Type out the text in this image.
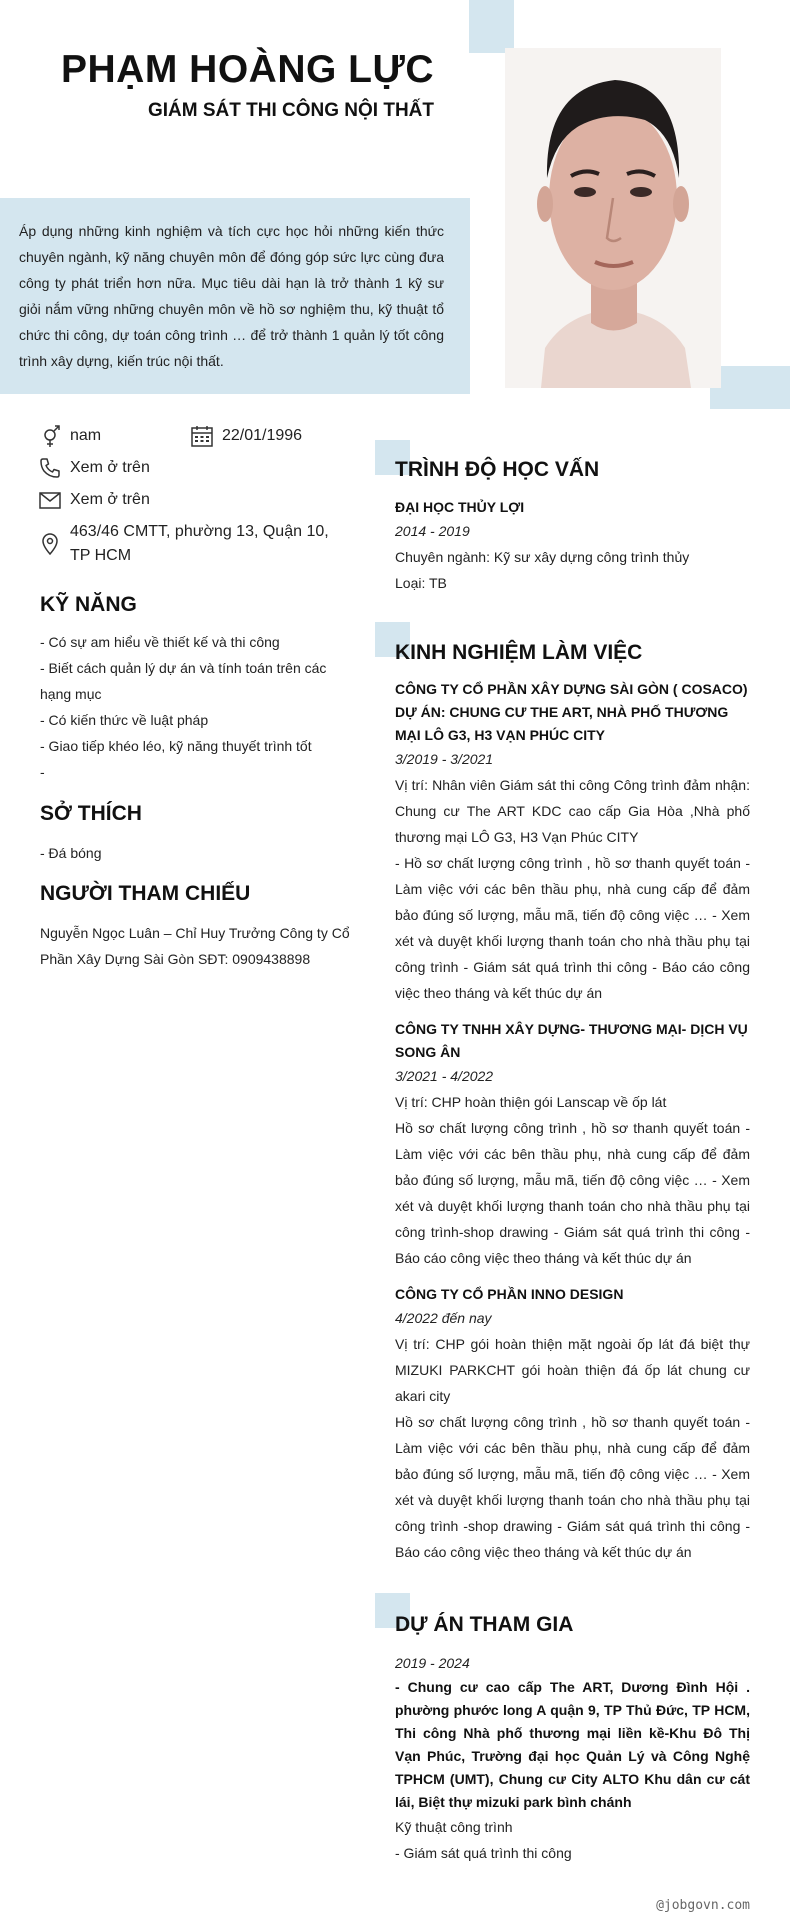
PHẠM HOÀNG LỰC
GIÁM SÁT THI CÔNG NỘI THẤT
Áp dụng những kinh nghiệm và tích cực học hỏi những kiến thức chuyên ngành, kỹ năng chuyên môn để đóng góp sức lực cùng đưa công ty phát triển hơn nữa. Mục tiêu dài hạn là trở thành 1 kỹ sư giỏi nắm vững những chuyên môn về hồ sơ nghiệm thu, kỹ thuật tổ chức thi công, dự toán công trình … để trở thành 1 quản lý tốt công trình xây dựng, kiến trúc nội thất.
nam	22/01/1996
Xem ở trên
Xem ở trên
463/46 CMTT, phường 13, Quận 10, TP HCM
KỸ NĂNG
- Có sự am hiểu về thiết kế và thi công
- Biết cách quản lý dự án và tính toán trên các hạng mục
- Có kiến thức về luật pháp
- Giao tiếp khéo léo, kỹ năng thuyết trình tốt
-
SỞ THÍCH
- Đá bóng
NGƯỜI THAM CHIẾU
Nguyễn Ngọc Luân – Chỉ Huy Trưởng Công ty Cổ Phần Xây Dựng Sài Gòn SĐT: 0909438898
TRÌNH ĐỘ HỌC VẤN
ĐẠI HỌC THỦY LỢI
2014 - 2019
Chuyên ngành: Kỹ sư xây dựng công trình thủy
Loại: TB
KINH NGHIỆM LÀM VIỆC
CÔNG TY CỔ PHẦN XÂY DỰNG SÀI GÒN ( COSACO) DỰ ÁN: CHUNG CƯ THE ART, NHÀ PHỐ THƯƠNG MẠI LÔ G3, H3 VẠN PHÚC CITY
3/2019 - 3/2021
Vị trí: Nhân viên Giám sát thi công Công trình đảm nhận: Chung cư The ART KDC cao cấp Gia Hòa ,Nhà phố thương mại LÔ G3, H3 Vạn Phúc CITY
- Hồ sơ chất lượng công trình , hồ sơ thanh quyết toán - Làm việc với các bên thầu phụ, nhà cung cấp để đảm bảo đúng số lượng, mẫu mã, tiến độ công việc … - Xem xét và duyệt khối lượng thanh toán cho nhà thầu phụ tại công trình - Giám sát quá trình thi công - Báo cáo công việc theo tháng và kết thúc dự án
CÔNG TY TNHH XÂY DỰNG- THƯƠNG MẠI- DỊCH VỤ SONG ÂN
3/2021 - 4/2022
Vị trí: CHP hoàn thiện gói Lanscap về ốp lát
Hồ sơ chất lượng công trình , hồ sơ thanh quyết toán - Làm việc với các bên thầu phụ, nhà cung cấp để đảm bảo đúng số lượng, mẫu mã, tiến độ công việc … - Xem xét và duyệt khối lượng thanh toán cho nhà thầu phụ tại công trình-shop drawing - Giám sát quá trình thi công - Báo cáo công việc theo tháng và kết thúc dự án
CÔNG TY CỔ PHẦN INNO DESIGN
4/2022 đến nay
Vị trí: CHP gói hoàn thiện mặt ngoài ốp lát đá biệt thự MIZUKI PARKCHT gói hoàn thiện đá ốp lát chung cư akari city
Hồ sơ chất lượng công trình , hồ sơ thanh quyết toán - Làm việc với các bên thầu phụ, nhà cung cấp để đảm bảo đúng số lượng, mẫu mã, tiến độ công việc … - Xem xét và duyệt khối lượng thanh toán cho nhà thầu phụ tại công trình -shop drawing - Giám sát quá trình thi công - Báo cáo công việc theo tháng và kết thúc dự án
DỰ ÁN THAM GIA
2019 - 2024
- Chung cư cao cấp The ART, Dương Đình Hội . phường phước long A quận 9, TP Thủ Đức, TP HCM, Thi công Nhà phố thương mại liền kề-Khu Đô Thị Vạn Phúc, Trường đại học Quản Lý và Công Nghệ TPHCM (UMT), Chung cư City ALTO Khu dân cư cát lái, Biệt thự mizuki park bình chánh
Kỹ thuật công trình
- Giám sát quá trình thi công
@jobgovn.com
